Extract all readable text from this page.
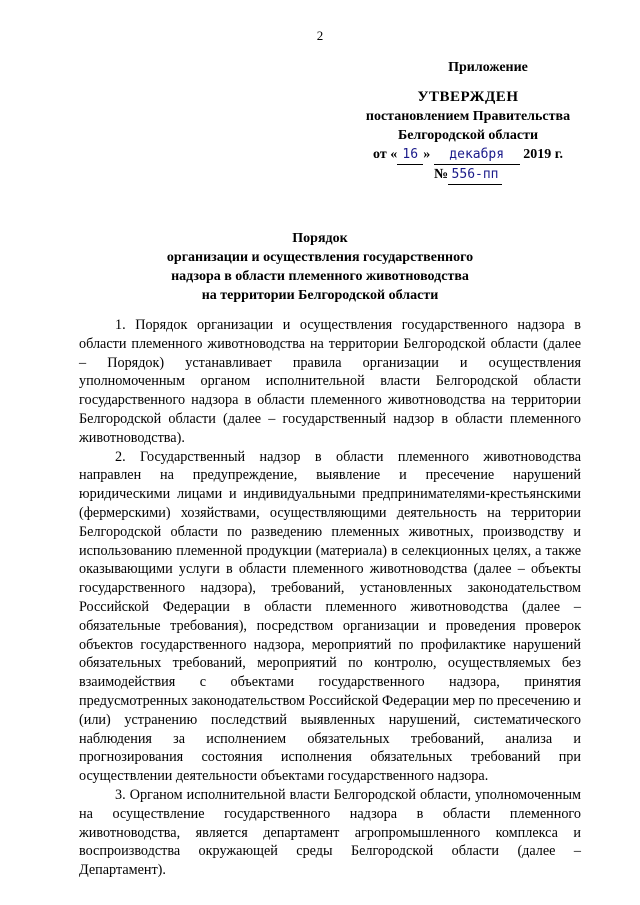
2
Приложение
УТВЕРЖДЕН
постановлением Правительства
Белгородской области
от « 16 » декабря 2019 г.
№ 556-пп
Порядок
организации и осуществления государственного
надзора в области племенного животноводства
на территории Белгородской области

1. Порядок организации и осуществления государственного надзора в области племенного животноводства на территории Белгородской области (далее – Порядок) устанавливает правила организации и осуществления уполномоченным органом исполнительной власти Белгородской области государственного надзора в области племенного животноводства на территории Белгородской области (далее – государственный надзор в области племенного животноводства).

2. Государственный надзор в области племенного животноводства направлен на предупреждение, выявление и пресечение нарушений юридическими лицами и индивидуальными предпринимателями-крестьянскими (фермерскими) хозяйствами, осуществляющими деятельность на территории Белгородской области по разведению племенных животных, производству и использованию племенной продукции (материала) в селекционных целях, а также оказывающими услуги в области племенного животноводства (далее – объекты государственного надзора), требований, установленных законодательством Российской Федерации в области племенного животноводства (далее – обязательные требования), посредством организации и проведения проверок объектов государственного надзора, мероприятий по профилактике нарушений обязательных требований, мероприятий по контролю, осуществляемых без взаимодействия с объектами государственного надзора, принятия предусмотренных законодательством Российской Федерации мер по пресечению и (или) устранению последствий выявленных нарушений, систематического наблюдения за исполнением обязательных требований, анализа и прогнозирования состояния исполнения обязательных требований при осуществлении деятельности объектами государственного надзора.

3. Органом исполнительной власти Белгородской области, уполномоченным на осуществление государственного надзора в области племенного животноводства, является департамент агропромышленного комплекса и воспроизводства окружающей среды Белгородской области (далее – Департамент).
